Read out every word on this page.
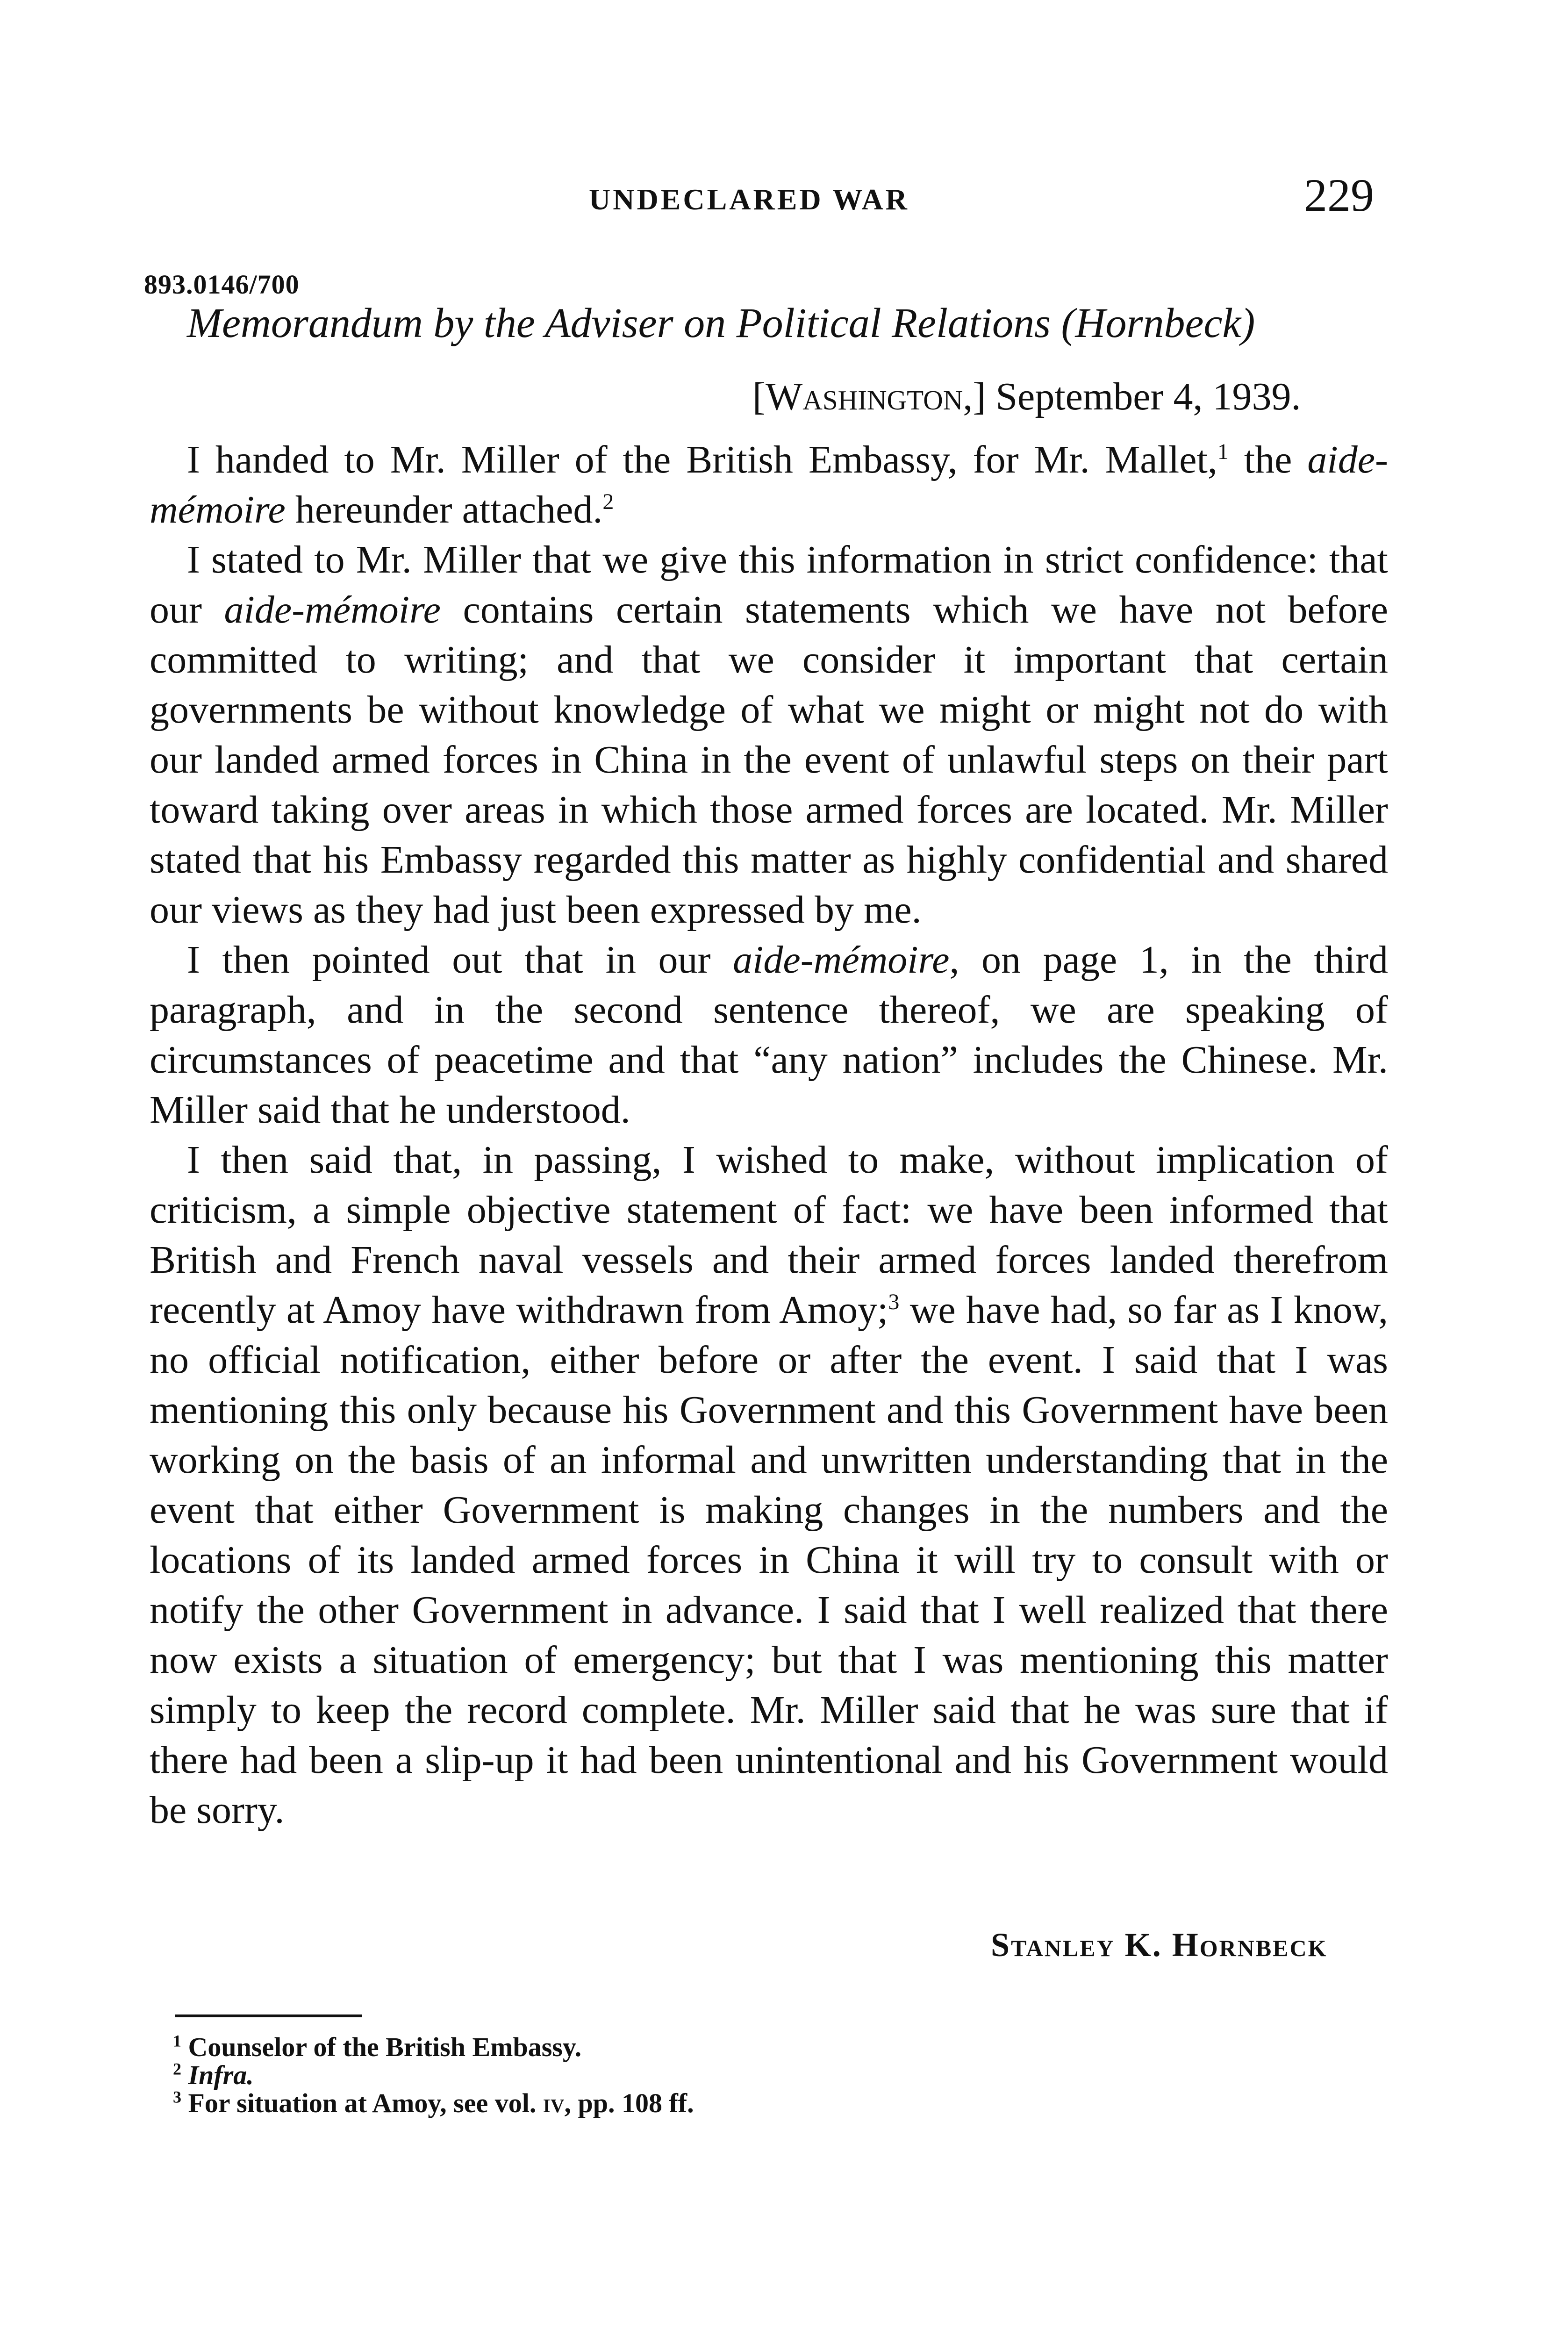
UNDECLARED WAR	229
893.0146/700
Memorandum by the Adviser on Political Relations (Hornbeck)
[Washington,] September 4, 1939.

I handed to Mr. Miller of the British Embassy, for Mr. Mallet,$^1$ the aide-mémoire hereunder attached.$^2$

I stated to Mr. Miller that we give this information in strict confidence: that our aide-mémoire contains certain statements which we have not before committed to writing; and that we consider it important that certain governments be without knowledge of what we might or might not do with our landed armed forces in China in the event of unlawful steps on their part toward taking over areas in which those armed forces are located. Mr. Miller stated that his Embassy regarded this matter as highly confidential and shared our views as they had just been expressed by me.

I then pointed out that in our aide-mémoire, on page 1, in the third paragraph, and in the second sentence thereof, we are speaking of circumstances of peacetime and that “any nation” includes the Chinese. Mr. Miller said that he understood.

I then said that, in passing, I wished to make, without implication of criticism, a simple objective statement of fact: we have been informed that British and French naval vessels and their armed forces landed therefrom recently at Amoy have withdrawn from Amoy;$^3$ we have had, so far as I know, no official notification, either before or after the event. I said that I was mentioning this only because his Government and this Government have been working on the basis of an informal and unwritten understanding that in the event that either Government is making changes in the numbers and the locations of its landed armed forces in China it will try to consult with or notify the other Government in advance. I said that I well realized that there now exists a situation of emergency; but that I was mentioning this matter simply to keep the record complete. Mr. Miller said that he was sure that if there had been a slip-up it had been unintentional and his Government would be sorry.

Stanley K. Hornbeck

$^1$ Counselor of the British Embassy.

$^2$ Infra.

$^3$ For situation at Amoy, see vol. iv, pp. 108 ff.
